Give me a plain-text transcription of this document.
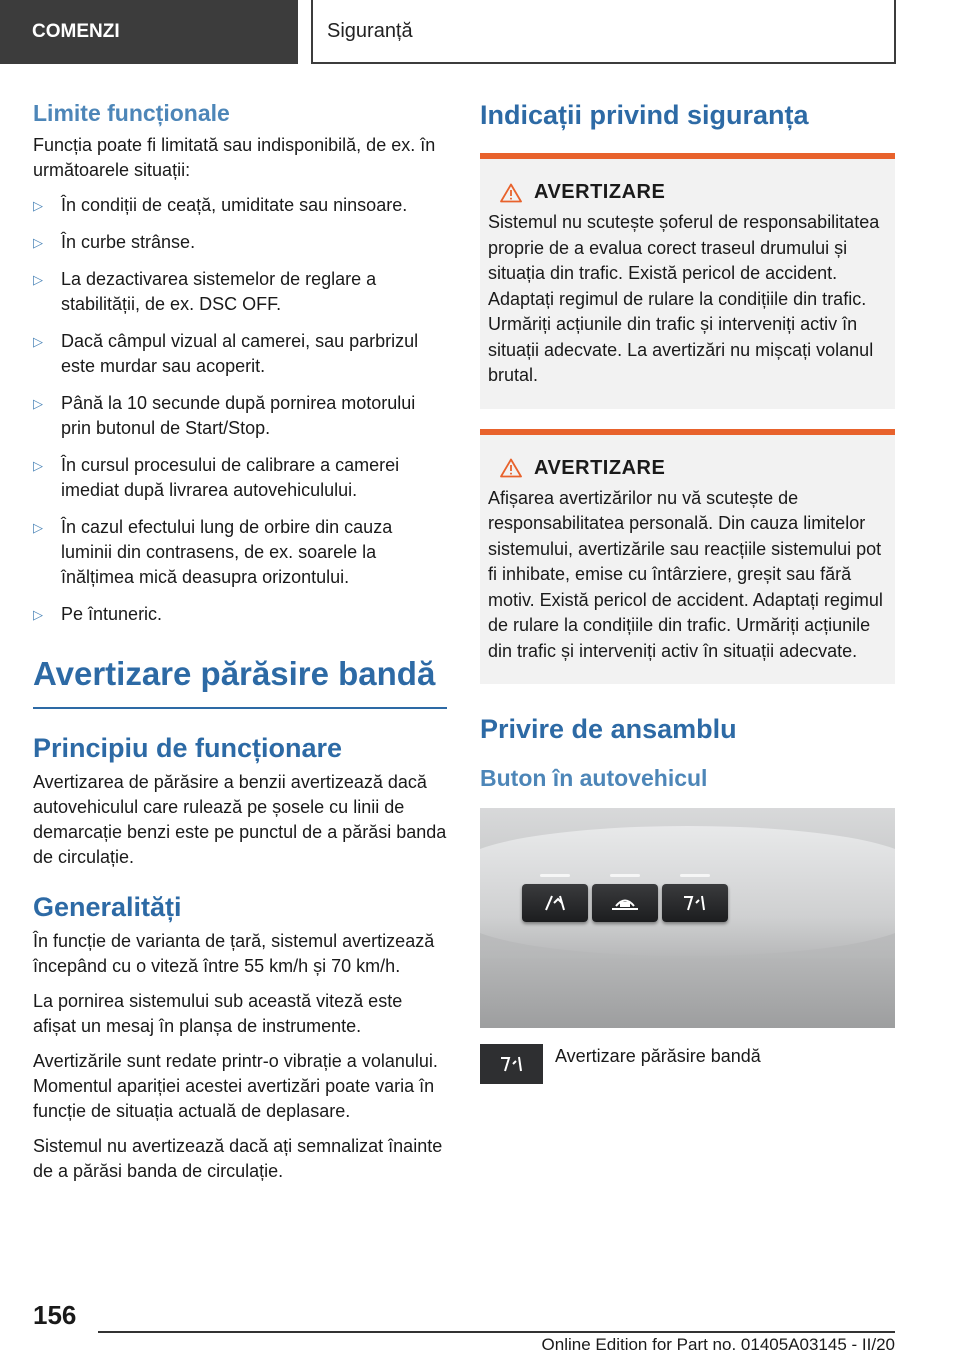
COMENZI	Siguranță
Limite funcționale

Funcția poate fi limitată sau indisponibilă, de ex. în următoarele situații:

▷ În condiții de ceață, umiditate sau ninsoare.
▷ În curbe strânse.
▷ La dezactivarea sistemelor de reglare a stabilității, de ex. DSC OFF.
▷ Dacă câmpul vizual al camerei, sau parbrizul este murdar sau acoperit.
▷ Până la 10 secunde după pornirea motorului prin butonul de Start/Stop.
▷ În cursul procesului de calibrare a camerei imediat după livrarea autovehiculului.
▷ În cazul efectului lung de orbire din cauza luminii din contrasens, de ex. soarele la înălțimea mică deasupra orizontului.
▷ Pe întuneric.
Avertizare părăsire bandă
Principiu de funcționare

Avertizarea de părăsire a benzii avertizează dacă autovehiculul care rulează pe șosele cu linii de demarcație benzi este pe punctul de a părăsi banda de circulație.

Generalități

În funcție de varianta de țară, sistemul avertizează începând cu o viteză între 55 km/h și 70 km/h.

La pornirea sistemului sub această viteză este afișat un mesaj în planșa de instrumente.

Avertizările sunt redate printr-o vibrație a volanului. Momentul apariției acestei avertizări poate varia în funcție de situația actuală de deplasare.

Sistemul nu avertizează dacă ați semnalizat înainte de a părăsi banda de circulație.

Indicații privind siguranța
AVERTIZARE

Sistemul nu scutește șoferul de responsabilitatea proprie de a evalua corect traseul drumului și situația din trafic. Există pericol de accident. Adaptați regimul de rulare la condițiile din trafic. Urmăriți acțiunile din trafic și interveniți activ în situații adecvate. La avertizări nu mișcați volanul brutal.

AVERTIZARE

Afișarea avertizărilor nu vă scutește de responsabilitatea personală. Din cauza limitelor sistemului, avertizările sau reacțiile sistemului pot fi inhibate, emise cu întârziere, greșit sau fără motiv. Există pericol de accident. Adaptați regimul de rulare la condițiile din trafic. Urmăriți acțiunile din trafic și interveniți activ în situații adecvate.

Privire de ansamblu
Buton în autovehicul
Avertizare părăsire bandă
156
Online Edition for Part no. 01405A03145 - II/20
